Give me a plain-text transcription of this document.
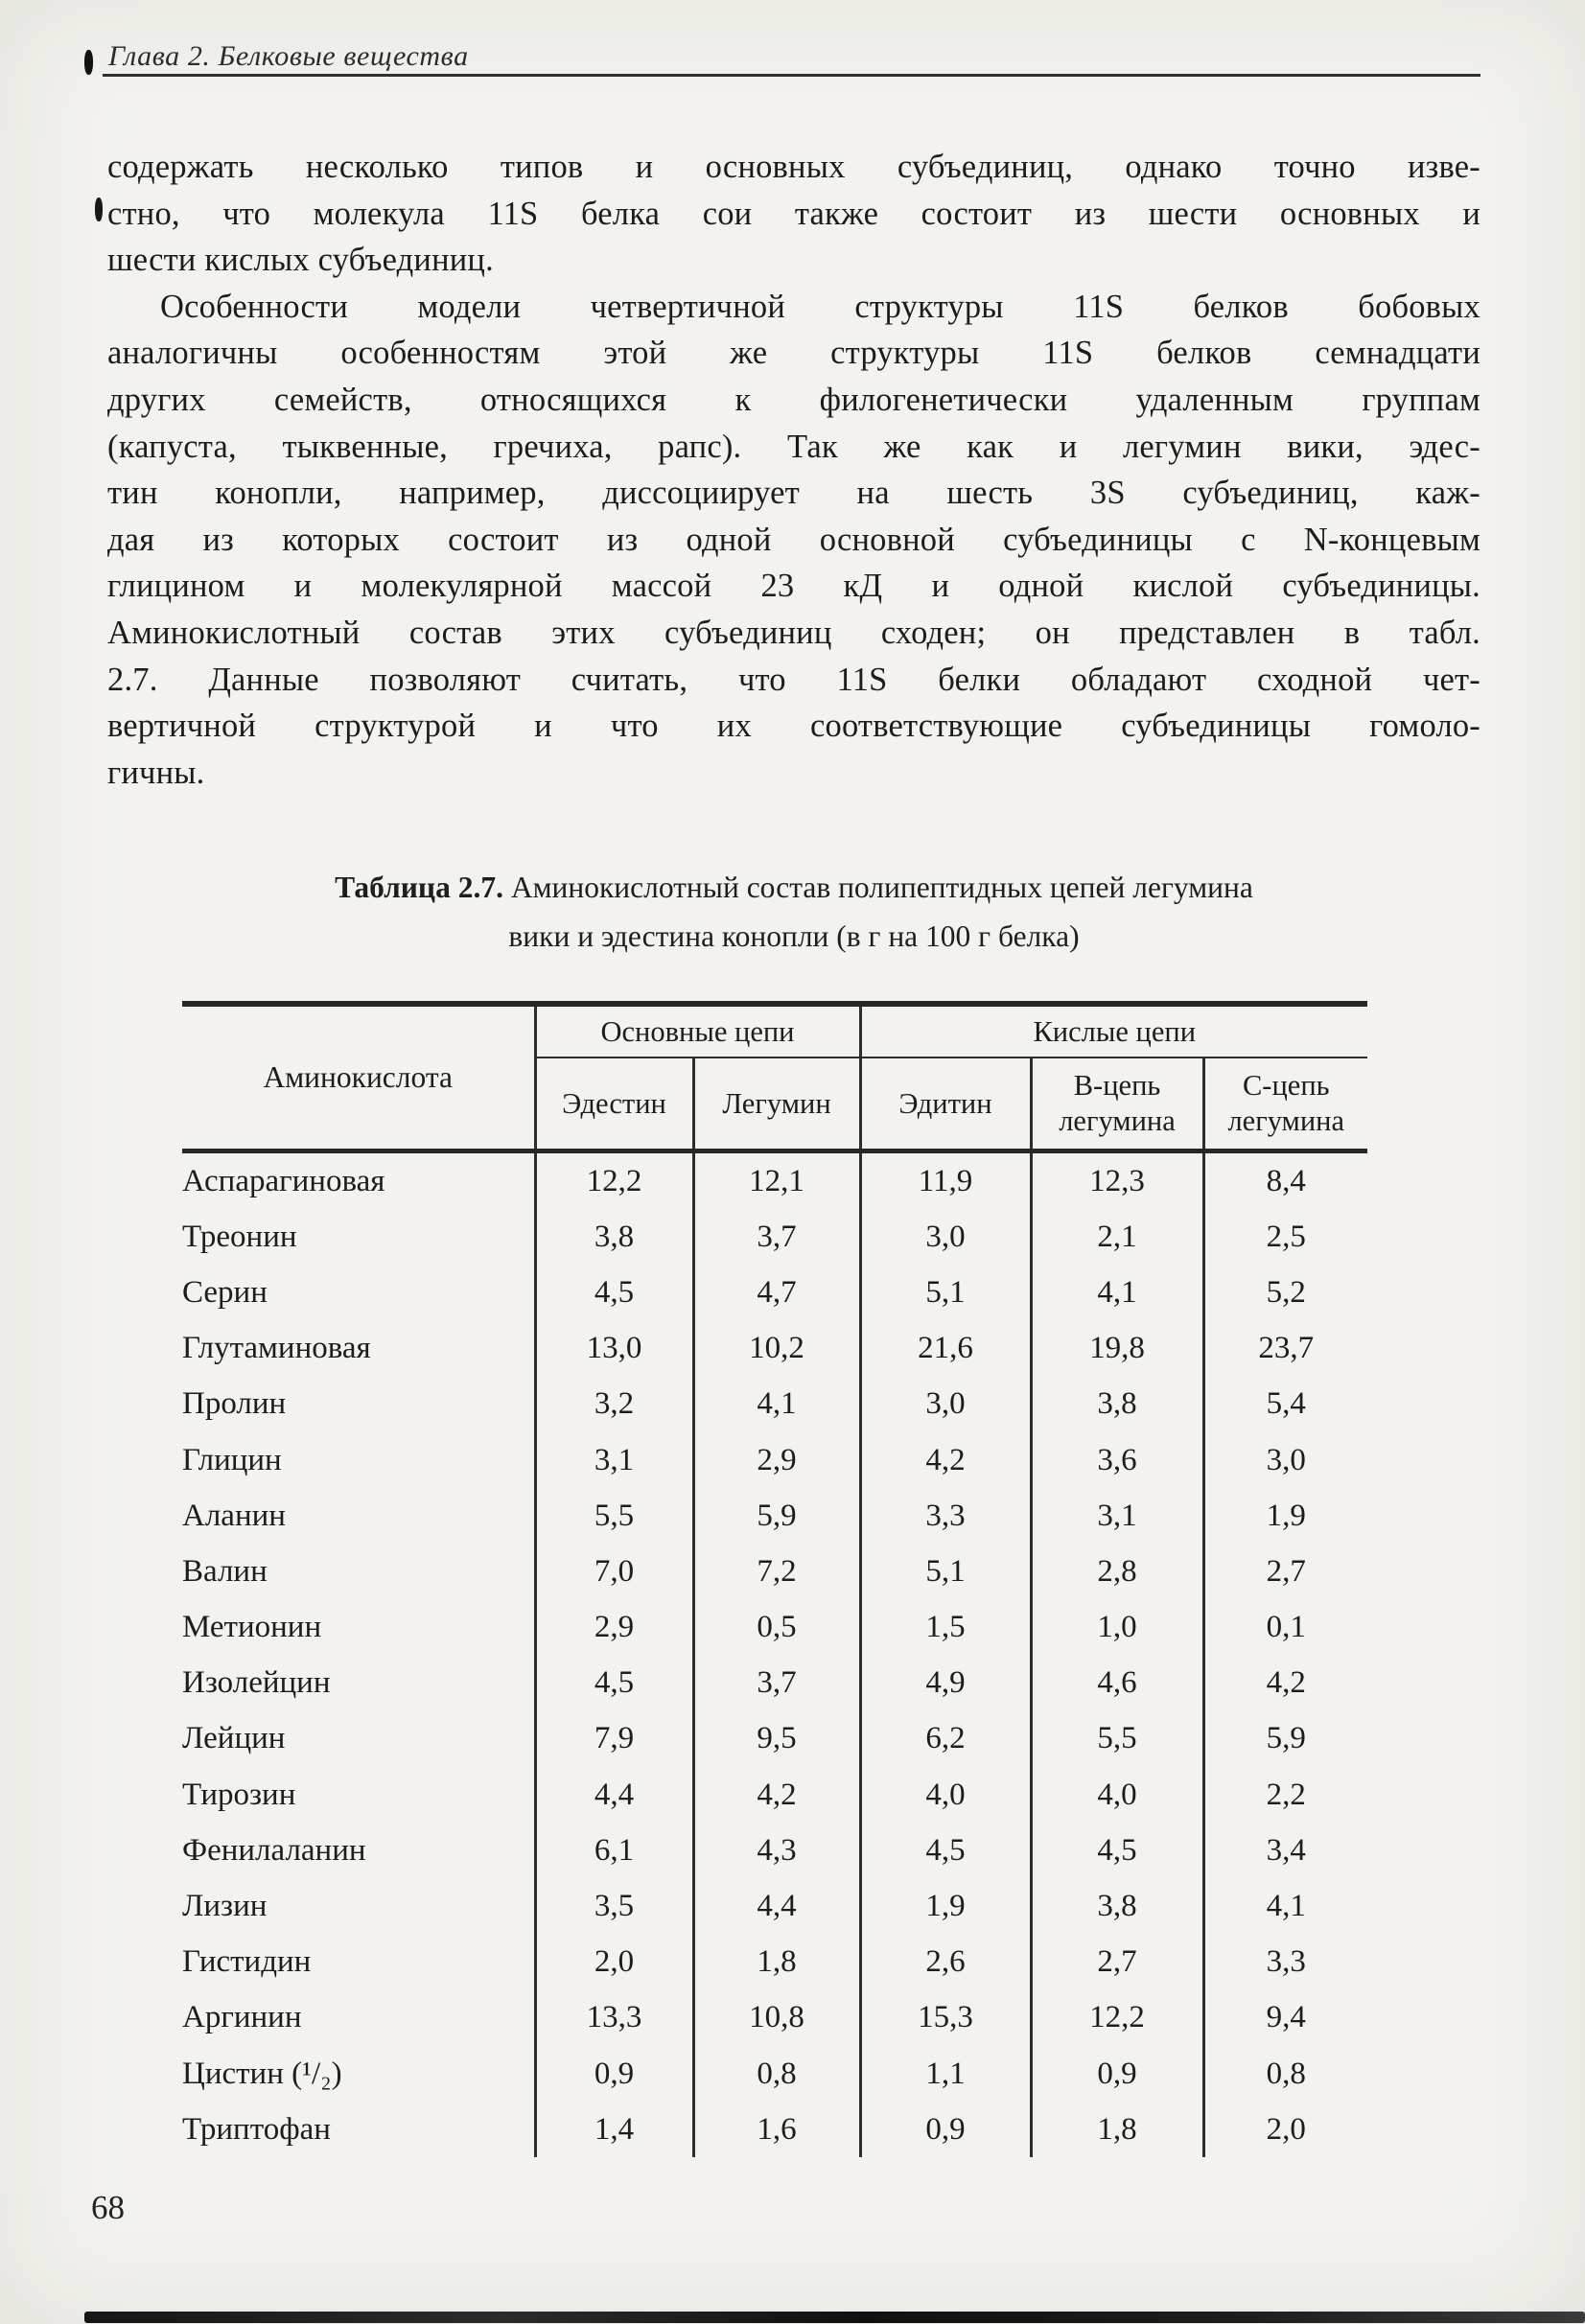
Глава 2. Белковые вещества
содержать несколько типов и основных субъединиц, однако точно изве-
стно, что молекула 11S белка сои также состоит из шести основных и
шести кислых субъединиц.
Особенности модели четвертичной структуры 11S белков бобовых
аналогичны особенностям этой же структуры 11S белков семнадцати
других семейств, относящихся к филогенетически удаленным группам
(капуста, тыквенные, гречиха, рапс). Так же как и легумин вики, эдес-
тин конопли, например, диссоциирует на шесть 3S субъединиц, каж-
дая из которых состоит из одной основной субъединицы с N-концевым
глицином и молекулярной массой 23 кД и одной кислой субъединицы.
Аминокислотный состав этих субъединиц сходен; он представлен в табл.
2.7. Данные позволяют считать, что 11S белки обладают сходной чет-
вертичной структурой и что их соответствующие субъединицы гомоло-
гичны.
Таблица 2.7. Аминокислотный состав полипептидных цепей легумина
вики и эдестина конопли (в г на 100 г белка)
Аминокислота	Основные цепи		Кислые цепи		
	Эдестин	Легумин	Эдитин	В-цепь легумина	С-цепь легумина
Аспарагиновая	12,2	12,1	11,9	12,3	8,4
Треонин	3,8	3,7	3,0	2,1	2,5
Серин	4,5	4,7	5,1	4,1	5,2
Глутаминовая	13,0	10,2	21,6	19,8	23,7
Пролин	3,2	4,1	3,0	3,8	5,4
Глицин	3,1	2,9	4,2	3,6	3,0
Аланин	5,5	5,9	3,3	3,1	1,9
Валин	7,0	7,2	5,1	2,8	2,7
Метионин	2,9	0,5	1,5	1,0	0,1
Изолейцин	4,5	3,7	4,9	4,6	4,2
Лейцин	7,9	9,5	6,2	5,5	5,9
Тирозин	4,4	4,2	4,0	4,0	2,2
Фенилаланин	6,1	4,3	4,5	4,5	3,4
Лизин	3,5	4,4	1,9	3,8	4,1
Гистидин	2,0	1,8	2,6	2,7	3,3
Аргинин	13,3	10,8	15,3	12,2	9,4
Цистин (¹/₂)	0,9	0,8	1,1	0,9	0,8
Триптофан	1,4	1,6	0,9	1,8	2,0
68
